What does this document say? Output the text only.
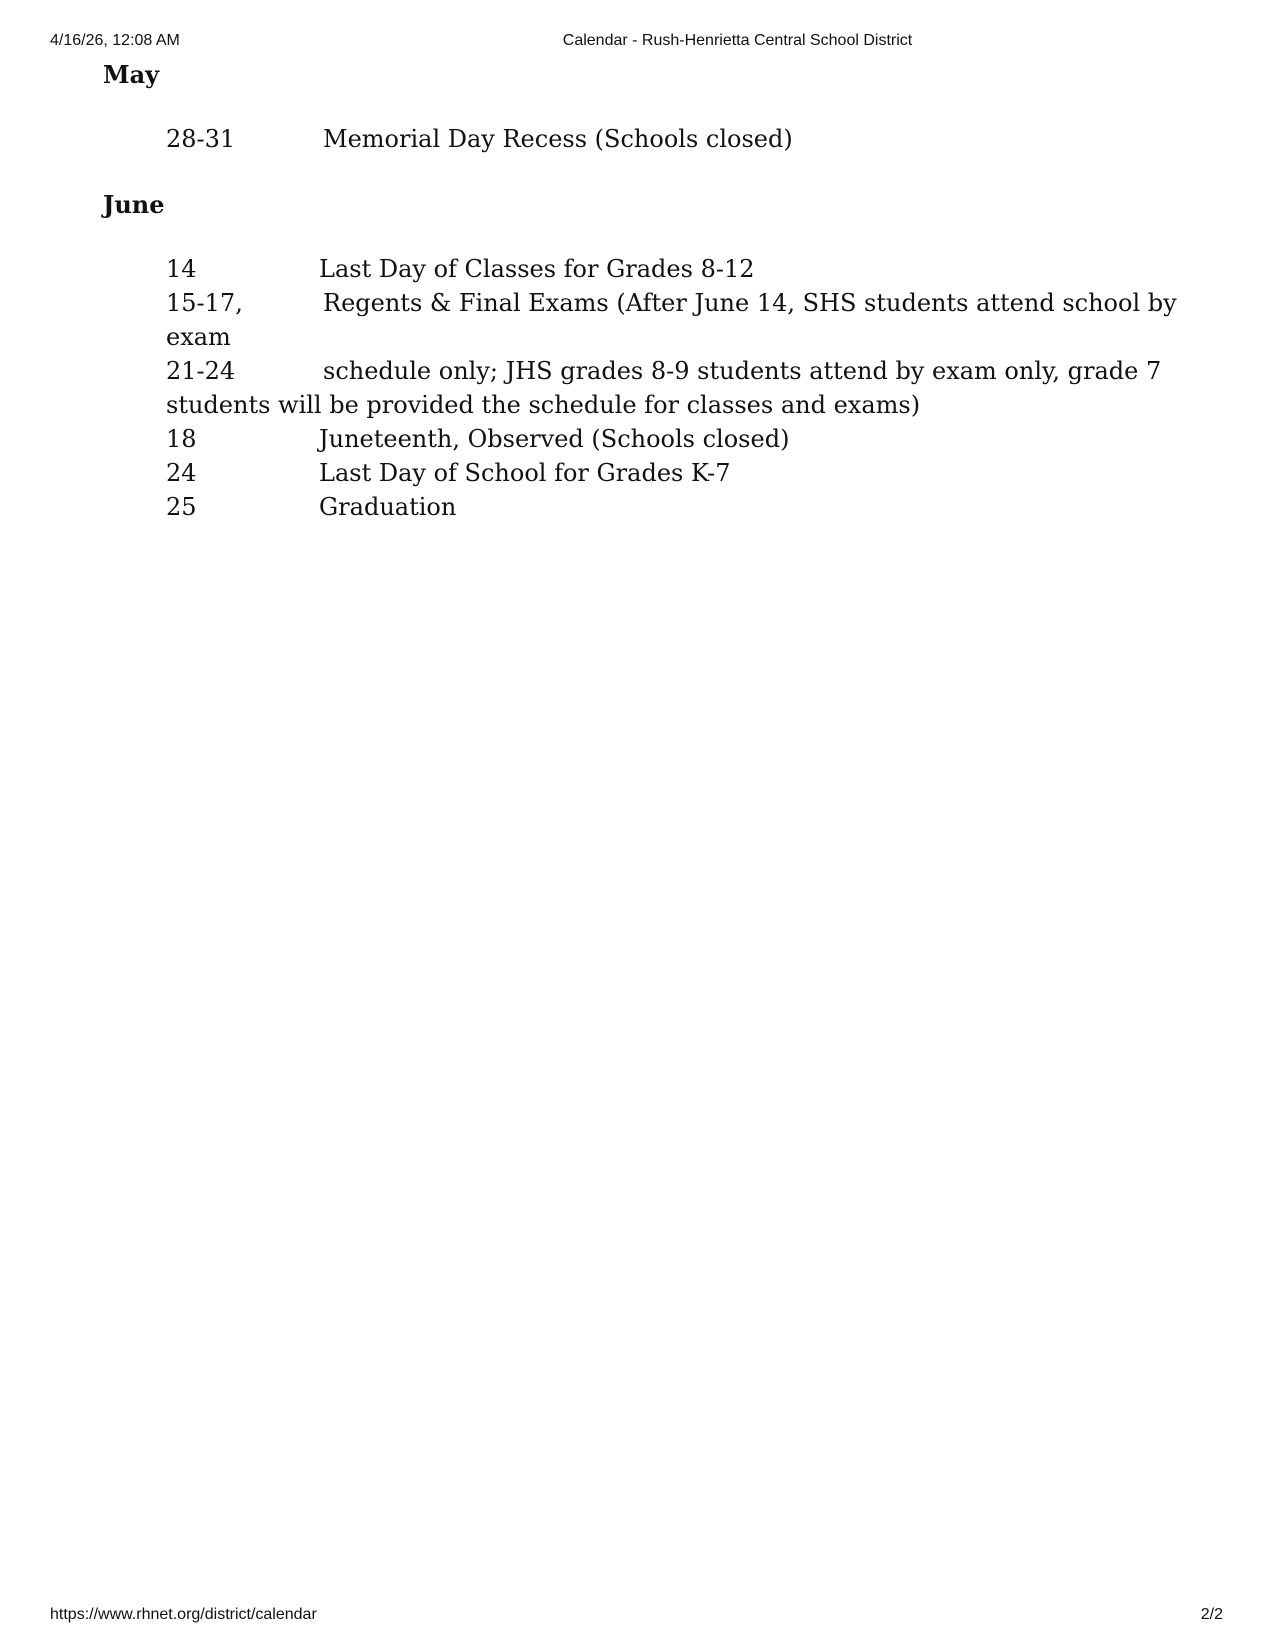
4/16/26, 12:08 AM	Calendar - Rush-Henrietta Central School District
May
28-31	Memorial Day Recess (Schools closed)
June
14	Last Day of Classes for Grades 8-12
15-17,	Regents & Final Exams (After June 14, SHS students attend school by
exam
21-24	schedule only; JHS grades 8-9 students attend by exam only, grade 7
students will be provided the schedule for classes and exams)
18	Juneteenth, Observed (Schools closed)
24	Last Day of School for Grades K-7
25	Graduation
https://www.rhnet.org/district/calendar	2/2
